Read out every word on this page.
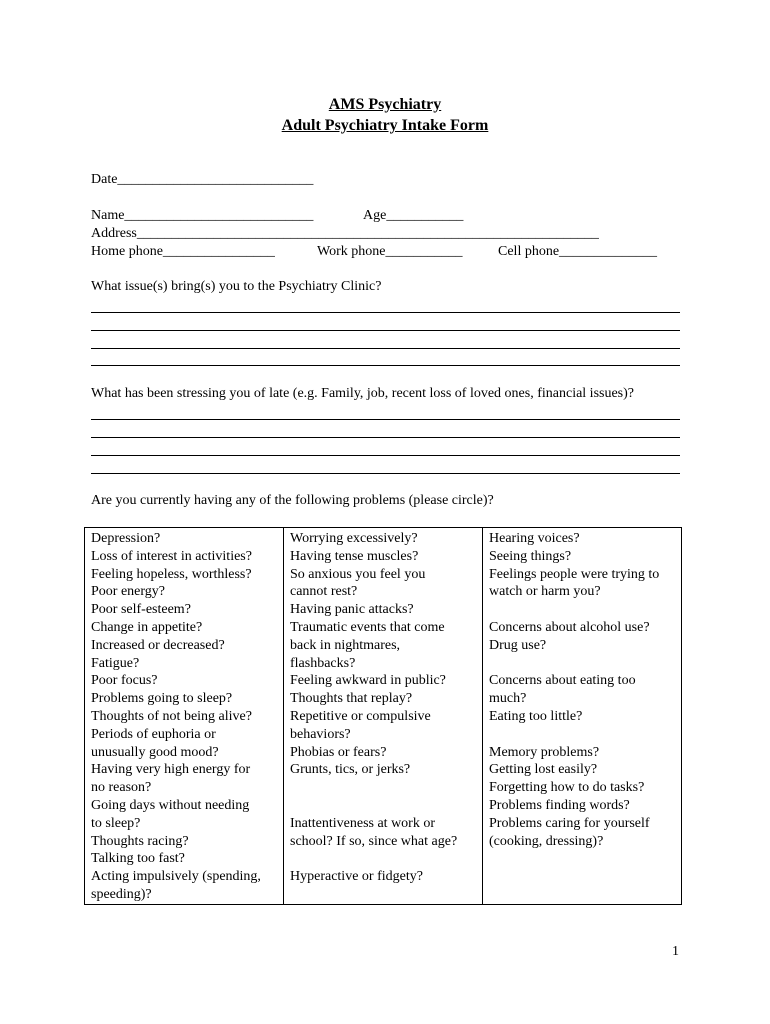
AMS Psychiatry
Adult Psychiatry Intake Form
Date____________________________
Name___________________________	Age___________
Address__________________________________________________________________
Home phone________________	Work phone___________	Cell phone______________
What issue(s) bring(s) you to the Psychiatry Clinic?
What has been stressing you of late (e.g. Family, job, recent loss of loved ones, financial issues)?
Are you currently having any of the following problems (please circle)?
Depression?
Loss of interest in activities?
Feeling hopeless, worthless?
Poor energy?
Poor self-esteem?
Change in appetite?
Increased or decreased?
Fatigue?
Poor focus?
Problems going to sleep?
Thoughts of not being alive?
Periods of euphoria or
unusually good mood?
Having very high energy for
no reason?
Going days without needing
to sleep?
Thoughts racing?
Talking too fast?
Acting impulsively (spending,
speeding)?

Worrying excessively?
Having tense muscles?
So anxious you feel you
cannot rest?
Having panic attacks?
Traumatic events that come
back in nightmares,
flashbacks?
Feeling awkward in public?
Thoughts that replay?
Repetitive or compulsive
behaviors?
Phobias or fears?
Grunts, tics, or jerks?
Inattentiveness at work or
school? If so, since what age?
Hyperactive or fidgety?

Hearing voices?
Seeing things?
Feelings people were trying to
watch or harm you?
Concerns about alcohol use?
Drug use?
Concerns about eating too
much?
Eating too little?
Memory problems?
Getting lost easily?
Forgetting how to do tasks?
Problems finding words?
Problems caring for yourself
(cooking, dressing)?
1
